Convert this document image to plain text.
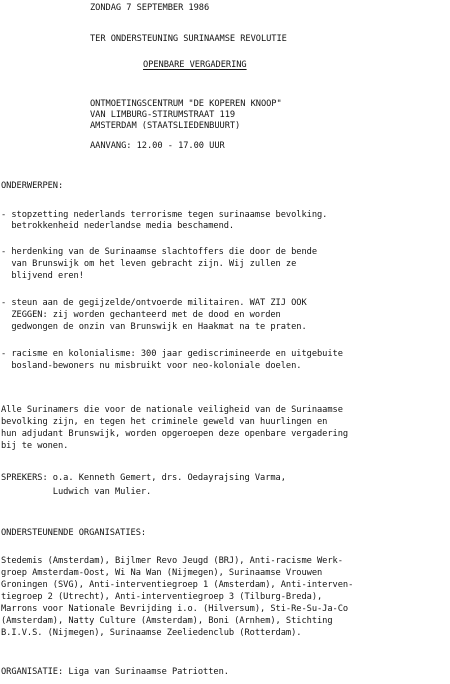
ZONDAG 7 SEPTEMBER 1986
TER ONDERSTEUNING SURINAAMSE REVOLUTIE
OPENBARE VERGADERING
ONTMOETINGSCENTRUM "DE KOPEREN KNOOP"
VAN LIMBURG-STIRUMSTRAAT 119
AMSTERDAM (STAATSLIEDENBUURT)
AANVANG: 12.00 - 17.00 UUR
ONDERWERPEN:
- stopzetting nederlands terrorisme tegen surinaamse bevolking.
betrokkenheid nederlandse media beschamend.
- herdenking van de Surinaamse slachtoffers die door de bende
van Brunswijk om het leven gebracht zijn. Wij zullen ze
blijvend eren!
- steun aan de gegijzelde/ontvoerde militairen. WAT ZIJ OOK
ZEGGEN: zij worden gechanteerd met de dood en worden
gedwongen de onzin van Brunswijk en Haakmat na te praten.
- racisme en kolonialisme: 300 jaar gediscrimineerde en uitgebuite
bosland-bewoners nu misbruikt voor neo-koloniale doelen.
Alle Surinamers die voor de nationale veiligheid van de Surinaamse
bevolking zijn, en tegen het criminele geweld van huurlingen en
hun adjudant Brunswijk, worden opgeroepen deze openbare vergadering
bij te wonen.
SPREKERS: o.a. Kenneth Gemert, drs. Oedayrajsing Varma,
Ludwich van Mulier.
ONDERSTEUNENDE ORGANISATIES:
Stedemis (Amsterdam), Bijlmer Revo Jeugd (BRJ), Anti-racisme Werk-
groep Amsterdam-Oost, Wi Na Wan (Nijmegen), Surinaamse Vrouwen
Groningen (SVG), Anti-interventiegroep 1 (Amsterdam), Anti-interven-
tiegroep 2 (Utrecht), Anti-interventiegroep 3 (Tilburg-Breda),
Marrons voor Nationale Bevrijding i.o. (Hilversum), Sti-Re-Su-Ja-Co
(Amsterdam), Natty Culture (Amsterdam), Boni (Arnhem), Stichting
B.I.V.S. (Nijmegen), Surinaamse Zeeliedenclub (Rotterdam).
ORGANISATIE: Liga van Surinaamse Patriotten.
